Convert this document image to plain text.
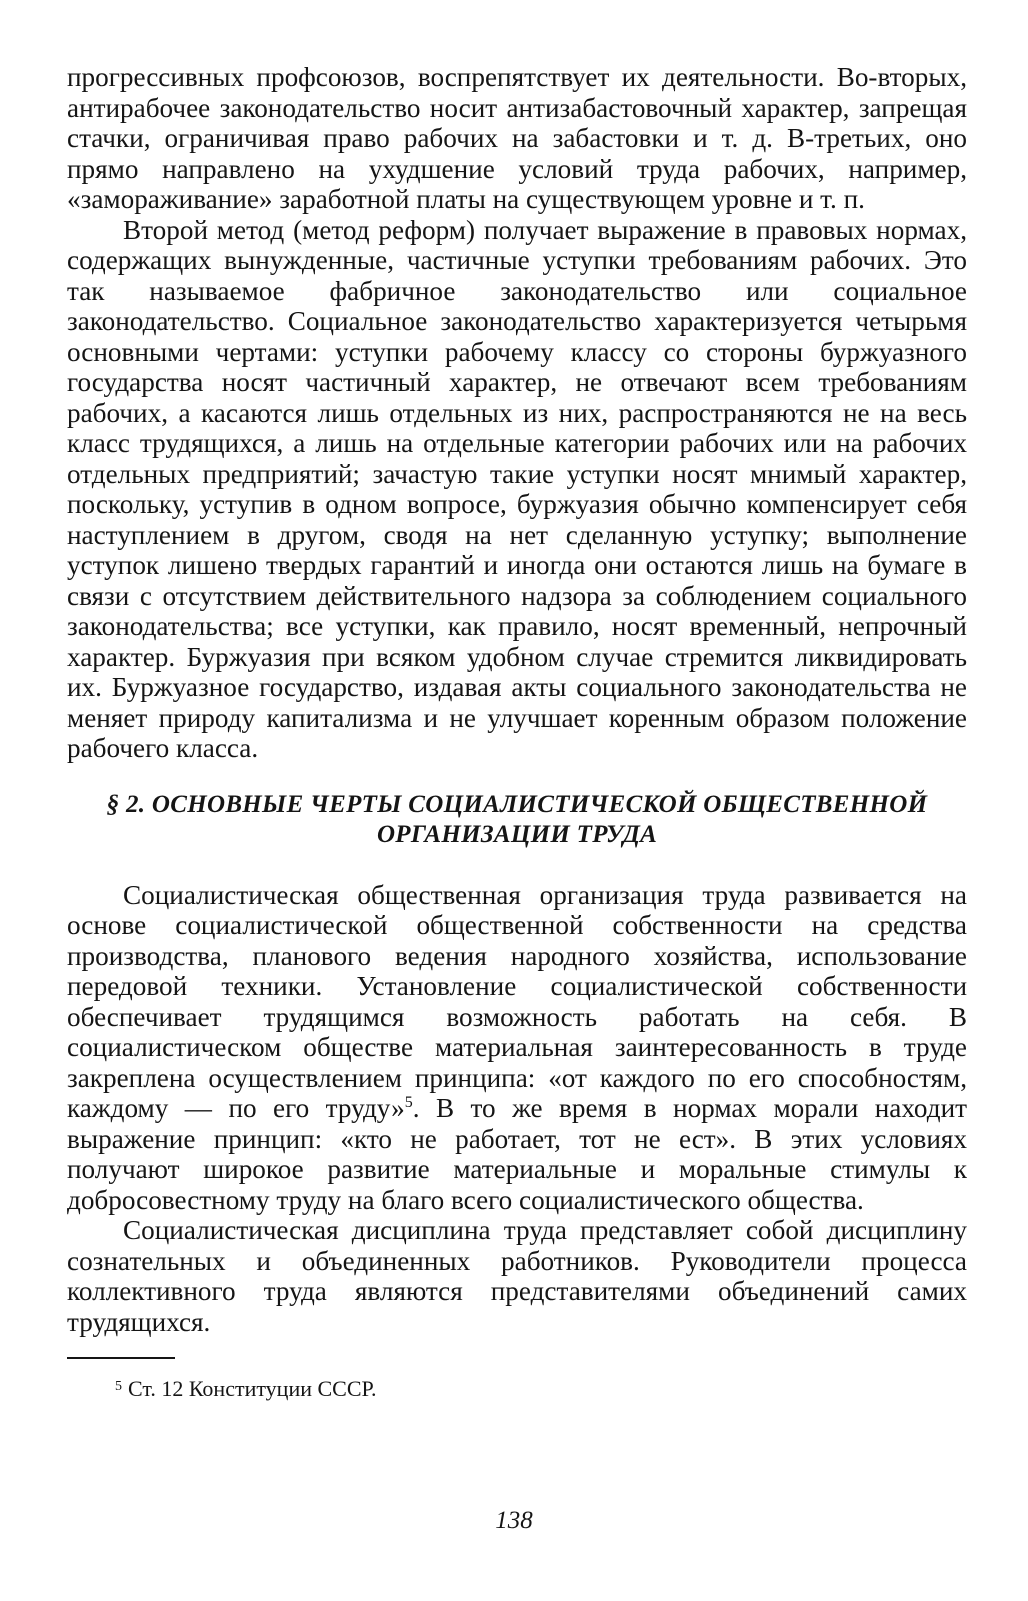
прогрессивных профсоюзов, воспрепятствует их деятельности. Во-вторых, антирабочее законодательство носит антизабастовочный характер, запрещая стачки, ограничивая право рабочих на забастовки и т. д. В-третьих, оно прямо направлено на ухудшение условий труда рабочих, например, «замораживание» заработной платы на существующем уровне и т. п.

Второй метод (метод реформ) получает выражение в правовых нормах, содержащих вынужденные, частичные уступки требованиям рабочих. Это так называемое фабричное законодательство или социальное законодательство. Социальное законодательство характеризуется четырьмя основными чертами: уступки рабочему классу со стороны буржуазного государства носят частичный характер, не отвечают всем требованиям рабочих, а касаются лишь отдельных из них, распространяются не на весь класс трудящихся, а лишь на отдельные категории рабочих или на рабочих отдельных предприятий; зачастую такие уступки носят мнимый характер, поскольку, уступив в одном вопросе, буржуазия обычно компенсирует себя наступлением в другом, сводя на нет сделанную уступку; выполнение уступок лишено твердых гарантий и иногда они остаются лишь на бумаге в связи с отсутствием действительного надзора за соблюдением социального законодательства; все уступки, как правило, носят временный, непрочный характер. Буржуазия при всяком удобном случае стремится ликвидировать их. Буржуазное государство, издавая акты социального законодательства не меняет природу капитализма и не улучшает коренным образом положение рабочего класса.

§ 2. ОСНОВНЫЕ ЧЕРТЫ СОЦИАЛИСТИЧЕСКОЙ ОБЩЕСТВЕННОЙ
ОРГАНИЗАЦИИ ТРУДА

Социалистическая общественная организация труда развивается на основе социалистической общественной собственности на средства производства, планового ведения народного хозяйства, использование передовой техники. Установление социалистической собственности обеспечивает трудящимся возможность работать на себя. В социалистическом обществе материальная заинтересованность в труде закреплена осуществлением принципа: «от каждого по его способностям, каждому — по его труду»$^5$. В то же время в нормах морали находит выражение принцип: «кто не работает, тот не ест». В этих условиях получают широкое развитие материальные и моральные стимулы к добросовестному труду на благо всего социалистического общества.

Социалистическая дисциплина труда представляет собой дисциплину сознательных и объединенных работников. Руководители процесса коллективного труда являются представителями объединений самих трудящихся.

$^5$ Ст. 12 Конституции СССР.

138
